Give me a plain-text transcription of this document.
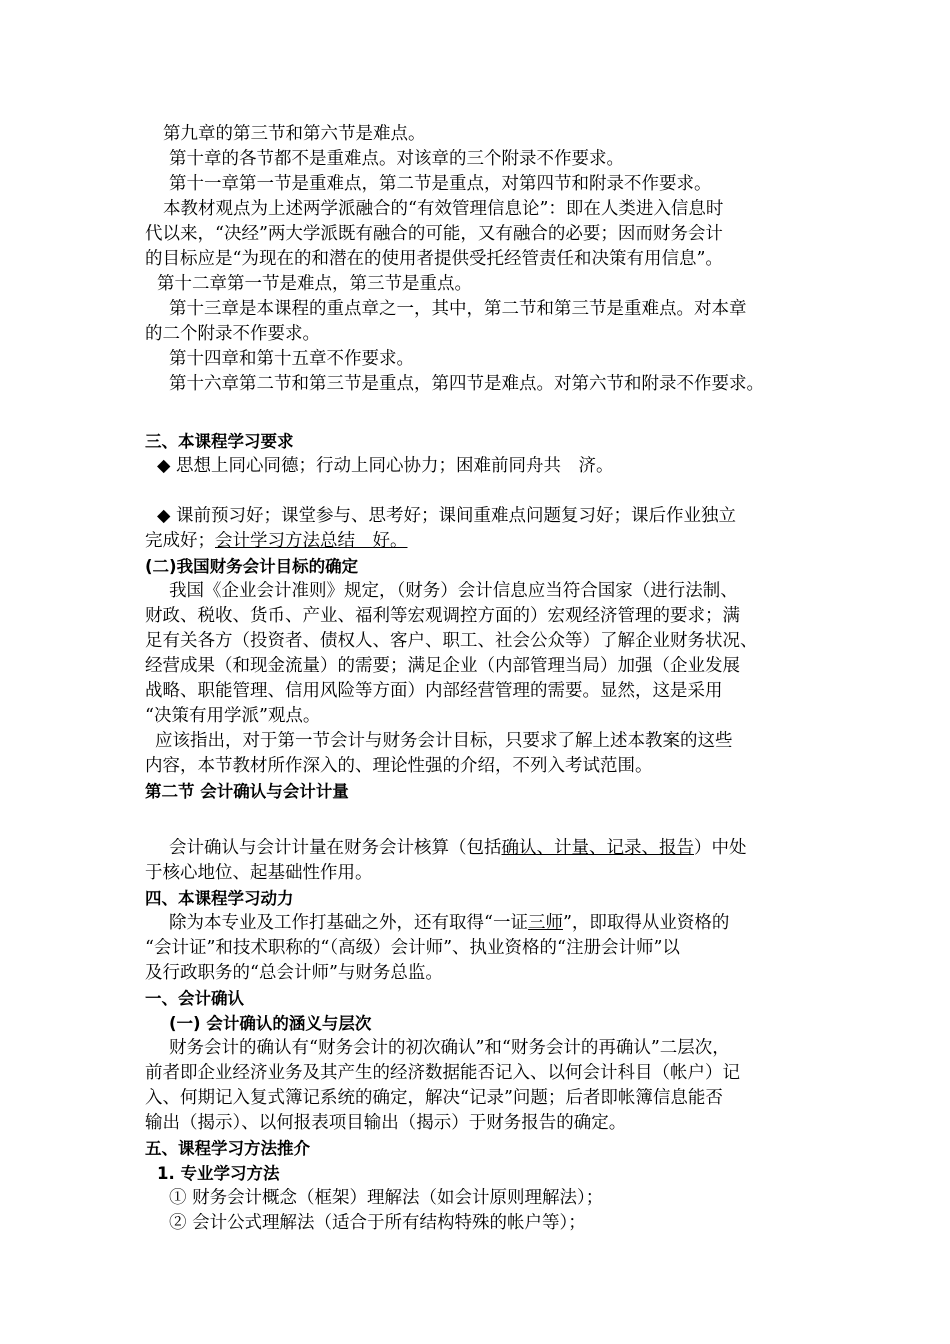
第九章的第三节和第六节是难点。
第十章的各节都不是重难点。对该章的三个附录不作要求。
第十一章第一节是重难点，第二节是重点，对第四节和附录不作要求。
本教材观点为上述两学派融合的“有效管理信息论”：即在人类进入信息时
代以来，“决经”两大学派既有融合的可能，又有融合的必要；因而财务会计
的目标应是“为现在的和潜在的使用者提供受托经管责任和决策有用信息”。
第十二章第一节是难点，第三节是重点。
第十三章是本课程的重点章之一，其中，第二节和第三节是重难点。对本章
的二个附录不作要求。
第十四章和第十五章不作要求。
第十六章第二节和第三节是重点，第四节是难点。对第六节和附录不作要求。
三、本课程学习要求
◆ 思想上同心同德；行动上同心协力；困难前同舟共　济。
◆ 课前预习好；课堂参与、思考好；课间重难点问题复习好；课后作业独立
完成好；会计学习方法总结　好。
(二)我国财务会计目标的确定
我国《企业会计准则》规定，（财务）会计信息应当符合国家（进行法制、
财政、税收、货币、产业、福利等宏观调控方面的）宏观经济管理的要求；满
足有关各方（投资者、债权人、客户、职工、社会公众等）了解企业财务状况、
经营成果（和现金流量）的需要；满足企业（内部管理当局）加强（企业发展
战略、职能管理、信用风险等方面）内部经营管理的需要。显然，这是采用
“决策有用学派”观点。
应该指出，对于第一节会计与财务会计目标，只要求了解上述本教案的这些
内容，本节教材所作深入的、理论性强的介绍，不列入考试范围。
第二节 会计确认与会计计量
会计确认与会计计量在财务会计核算（包括确认、计量、记录、报告）中处
于核心地位、起基础性作用。
四、本课程学习动力
除为本专业及工作打基础之外，还有取得“一证三师”，即取得从业资格的
“会计证”和技术职称的“（高级）会计师”、执业资格的“注册会计师”以
及行政职务的“总会计师”与财务总监。
一、会计确认
(一) 会计确认的涵义与层次
财务会计的确认有“财务会计的初次确认”和“财务会计的再确认”二层次，
前者即企业经济业务及其产生的经济数据能否记入、以何会计科目（帐户）记
入、何期记入复式簿记系统的确定，解决“记录”问题；后者即帐簿信息能否
输出（揭示）、以何报表项目输出（揭示）于财务报告的确定。
五、课程学习方法推介
1. 专业学习方法
① 财务会计概念（框架）理解法（如会计原则理解法）；
② 会计公式理解法（适合于所有结构特殊的帐户等）；
